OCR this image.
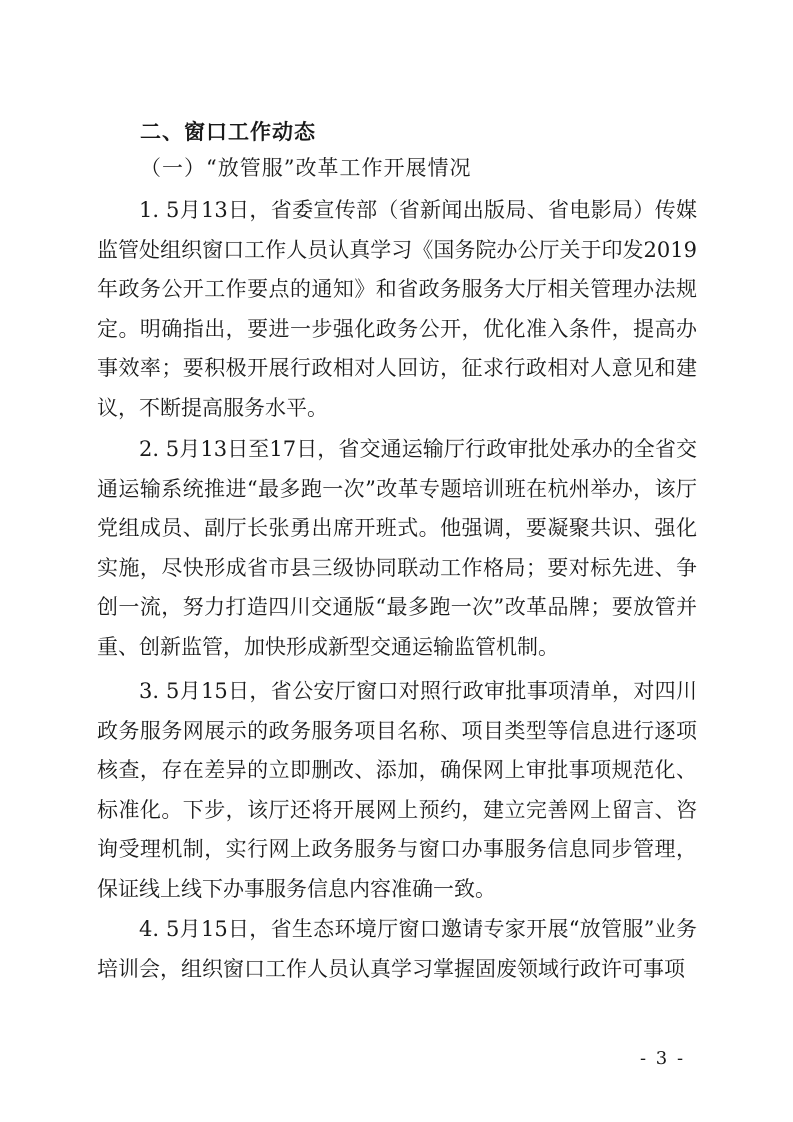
二、窗口工作动态
（一）“放管服”改革工作开展情况

1. 5月13日，省委宣传部（省新闻出版局、省电影局）传媒监管处组织窗口工作人员认真学习《国务院办公厅关于印发2019年政务公开工作要点的通知》和省政务服务大厅相关管理办法规定。明确指出，要进一步强化政务公开，优化准入条件，提高办事效率；要积极开展行政相对人回访，征求行政相对人意见和建议，不断提高服务水平。

2. 5月13日至17日，省交通运输厅行政审批处承办的全省交通运输系统推进“最多跑一次”改革专题培训班在杭州举办，该厅党组成员、副厅长张勇出席开班式。他强调，要凝聚共识、强化实施，尽快形成省市县三级协同联动工作格局；要对标先进、争创一流，努力打造四川交通版“最多跑一次”改革品牌；要放管并重、创新监管，加快形成新型交通运输监管机制。

3. 5月15日，省公安厅窗口对照行政审批事项清单，对四川政务服务网展示的政务服务项目名称、项目类型等信息进行逐项核查，存在差异的立即删改、添加，确保网上审批事项规范化、标准化。下步，该厅还将开展网上预约，建立完善网上留言、咨询受理机制，实行网上政务服务与窗口办事服务信息同步管理，保证线上线下办事服务信息内容准确一致。

4. 5月15日，省生态环境厅窗口邀请专家开展“放管服”业务培训会，组织窗口工作人员认真学习掌握固废领域行政许可事项

- 3 -
